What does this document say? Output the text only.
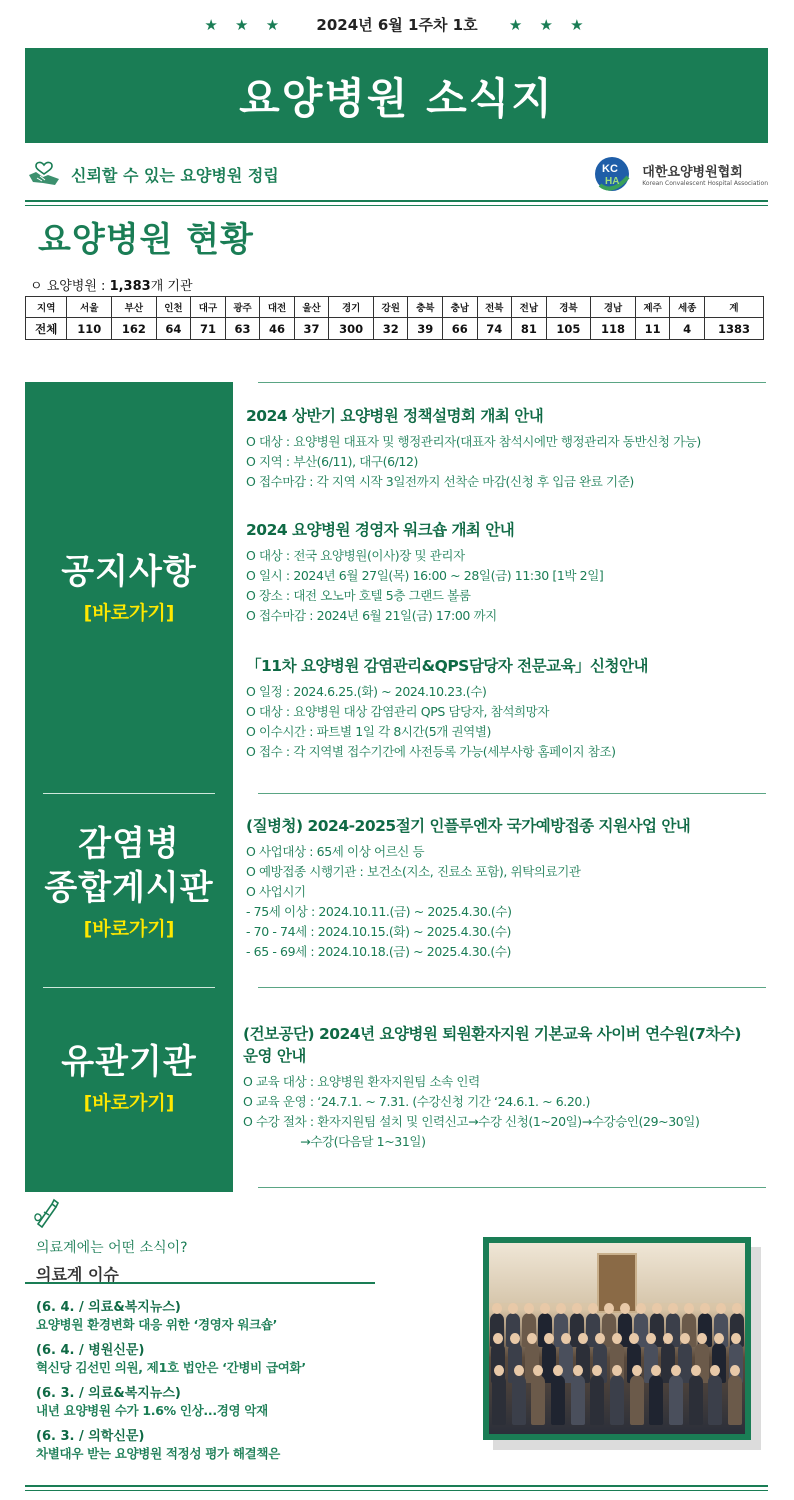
★ ★ ★ 2024년 6월 1주차 1호 ★ ★ ★
요양병원 소식지
신뢰할 수 있는 요양병원 정립	KC
HA
대한요양병원협회
Korean Convalescent Hospital Association
요양병원 현황
ㅇ 요양병원 : 1,383개 기관
지역	서울	부산	인천	대구	광주	대전	울산	경기	강원	충북	충남	전북	전남	경북	경남	제주	세종	계
전체	110	162	64	71	63	46	37	300	32	39	66	74	81	105	118	11	4	1383
공지사항
[바로가기]
감염병
종합게시판
[바로가기]
유관기관
[바로가기]
2024 상반기 요양병원 정책설명회 개최 안내
O 대상 : 요양병원 대표자 및 행정관리자(대표자 참석시에만 행정관리자 동반신청 가능)
O 지역 : 부산(6/11), 대구(6/12)
O 접수마감 : 각 지역 시작 3일전까지 선착순 마감(신청 후 입금 완료 기준)
2024 요양병원 경영자 워크숍 개최 안내
O 대상 : 전국 요양병원(이사)장 및 관리자
O 일시 : 2024년 6월 27일(목) 16:00 ~ 28일(금) 11:30 [1박 2일]
O 장소 : 대전 오노마 호텔 5층 그랜드 볼룸
O 접수마감 : 2024년 6월 21일(금) 17:00 까지
「11차 요양병원 감염관리&QPS담당자 전문교육」신청안내
O 일정 : 2024.6.25.(화) ~ 2024.10.23.(수)
O 대상 : 요양병원 대상 감염관리 QPS 담당자, 참석희망자
O 이수시간 : 파트별 1일 각 8시간(5개 권역별)
O 접수 : 각 지역별 접수기간에 사전등록 가능(세부사항 홈페이지 참조)
(질병청) 2024-2025절기 인플루엔자 국가예방접종 지원사업 안내
O 사업대상 : 65세 이상 어르신 등
O 예방접종 시행기관 : 보건소(지소, 진료소 포함), 위탁의료기관
O 사업시기
- 75세 이상 : 2024.10.11.(금) ~ 2025.4.30.(수)
- 70 - 74세 : 2024.10.15.(화) ~ 2025.4.30.(수)
- 65 - 69세 : 2024.10.18.(금) ~ 2025.4.30.(수)
(건보공단) 2024년 요양병원 퇴원환자지원 기본교육 사이버 연수원(7차수)
운영 안내
O 교육 대상 : 요양병원 환자지원팀 소속 인력
O 교육 운영 : ‘24.7.1. ~ 7.31. (수강신청 기간 ‘24.6.1. ~ 6.20.)
O 수강 절차 : 환자지원팀 설치 및 인력신고→수강 신청(1~20일)→수강승인(29~30일)
→수강(다음달 1~31일)
의료계에는 어떤 소식이?
의료계 이슈
(6. 4. / 의료&복지뉴스)
요양병원 환경변화 대응 위한 ‘경영자 워크숍’
(6. 4. / 병원신문)
혁신당 김선민 의원, 제1호 법안은 ‘간병비 급여화’
(6. 3. / 의료&복지뉴스)
내년 요양병원 수가 1.6% 인상...경영 악재
(6. 3. / 의학신문)
차별대우 받는 요양병원 적정성 평가 해결책은
